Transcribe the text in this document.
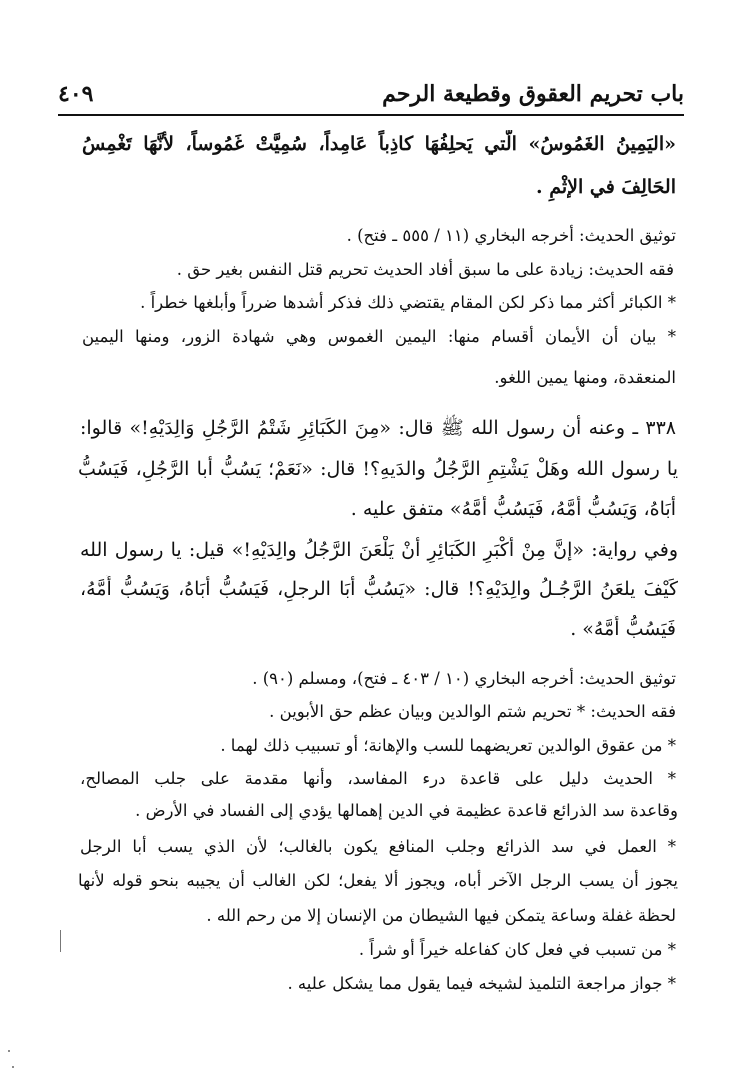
باب تحريم العقوق وقطيعة الرحم
٤٠٩
«اليَمِينُ الغَمُوسُ» الَّتي يَحلِفُهَا كاذِباً عَامِداً، سُمِيَّتْ غَمُوساً، لأنَّهَا تَغْمِسُ
الحَالِفَ في الإثْمِ .
توثيق الحديث: أخرجه البخاري (١١ / ٥٥٥ ـ فتح) .
فقه الحديث: زيادة على ما سبق أفاد الحديث تحريم قتل النفس بغير حق .
* الكبائر أكثر مما ذكر لكن المقام يقتضي ذلك فذكر أشدها ضرراً وأبلغها خطراً .
* بيان أن الأيمان أقسام منها: اليمين الغموس وهي شهادة الزور، ومنها اليمين
المنعقدة، ومنها يمين اللغو.
٣٣٨ ـ وعنه أن رسول الله ﷺ قال: «مِنَ الكَبَائِرِ شَتْمُ الرَّجُلِ وَالِدَيْهِ!» قالوا:
يا رسول الله وهَلْ يَشْتِمِ الرَّجُلُ والدَيهِ؟! قال: «نَعَمْ؛ يَسُبُّ أبا الرَّجُلِ، فَيَسُبُّ
أبَاهُ، وَيَسُبُّ أُمَّهُ، فَيَسُبُّ أُمَّهُ» متفق عليه .
وفي رواية: «إنَّ مِنْ أَكْبَرِ الكَبَائِرِ أنْ يَلْعَنَ الرَّجُلُ والِدَيْهِ!» قيل: يا رسول الله
كَيْفَ يلعَنُ الرَّجُـلُ والِدَيْهِ؟! قال: «يَسُبُّ أبَا الرجلِ، فَيَسُبُّ أبَاهُ، وَيَسُبُّ أُمَّهُ،
فَيَسُبُّ أُمَّهُ» .
توثيق الحديث: أخرجه البخاري (١٠ / ٤٠٣ ـ فتح)، ومسلم (٩٠) .
فقه الحديث: * تحريم شتم الوالدين وبيان عظم حق الأبوين .
* من عقوق الوالدين تعريضهما للسب والإهانة؛ أو تسبيب ذلك لهما .
* الحديث دليل على قاعدة درء المفاسد، وأنها مقدمة على جلب المصالح،
وقاعدة سد الذرائع قاعدة عظيمة في الدين إهمالها يؤدي إلى الفساد في الأرض .
* العمل في سد الذرائع وجلب المنافع يكون بالغالب؛ لأن الذي يسب أبا الرجل
يجوز أن يسب الرجل الآخر أباه، ويجوز ألا يفعل؛ لكن الغالب أن يجيبه بنحو قوله لأنها
لحظة غفلة وساعة يتمكن فيها الشيطان من الإنسان إلا من رحم الله .
* من تسبب في فعل كان كفاعله خيراً أو شراً .
* جواز مراجعة التلميذ لشيخه فيما يقول مما يشكل عليه .
